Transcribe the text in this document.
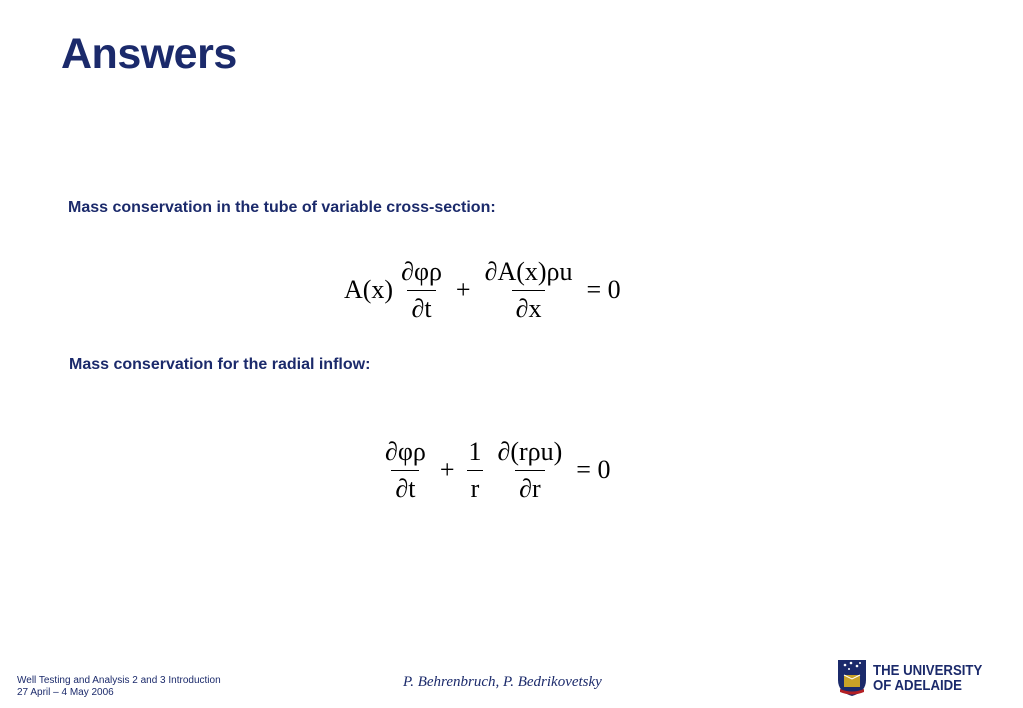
Answers
Mass conservation in the tube of variable cross-section:
$A(x) \frac{\partial\varphi\rho}{\partial t} + \frac{\partial A(x)\rho u}{\partial x} = 0$
Mass conservation for the radial inflow:
$\frac{\partial\varphi\rho}{\partial t} + \frac{1}{r} \frac{\text{∂(rρu)}}{\partial r} = 0$
Well Testing and Analysis 2 and 3 Introduction
27 April – 4 May 2006
P. Behrenbruch, P. Bedrikovetsky
THE UNIVERSITY
OF ADELAIDE
